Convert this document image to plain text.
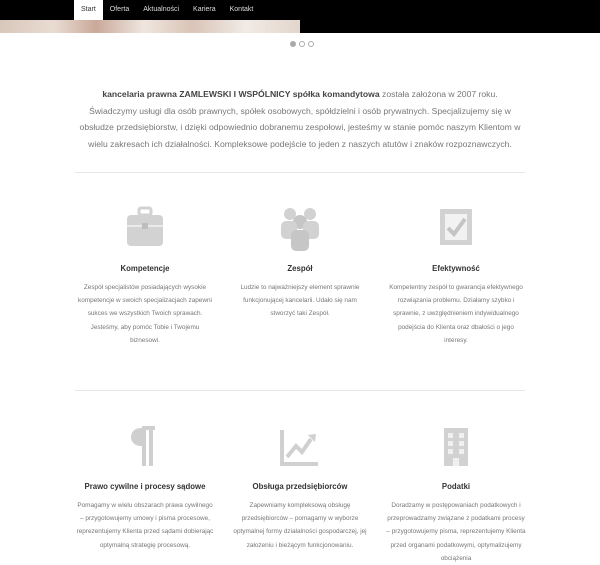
Start	Oferta	Aktualności	Kariera	Kontakt
kancelaria prawna ZAMLEWSKI I WSPÓLNICY spółka komandytowa została założona w 2007 roku. Świadczymy usługi dla osób prawnych, spółek osobowych, spółdzielni i osób prywatnych. Specjalizujemy się w obsłudze przedsiębiorstw, i dzięki odpowiednio dobranemu zespołowi, jesteśmy w stanie pomóc naszym Klientom w wielu zakresach ich działalności. Kompleksowe podejście to jeden z naszych atutów i znaków rozpoznawczych.
Kompetencje

Zespół specjalistów posiadających wysokie kompetencje w swoich specjalizacjach zapewni sukces we wszystkich Twoich sprawach. Jesteśmy, aby pomóc Tobie i Twojemu biznesowi.

Zespół

Ludzie to najważniejszy element sprawnie funkcjonującej kancelarii. Udało się nam stworzyć taki Zespół.

Efektywność

Kompetentny zespół to gwarancja efektywnego rozwiązania problemu. Działamy szybko i sprawnie, z uwzględnieniem indywidualnego podejścia do Klienta oraz dbałości o jego interesy.

Prawo cywilne i procesy sądowe

Pomagamy w wielu obszarach prawa cywilnego – przygotowujemy umowy i pisma procesowe, reprezentujemy Klienta przed sądami dobierając optymalną strategię procesową.

Obsługa przedsiębiorców

Zapewniamy kompleksową obsługę przedsiębiorców – pomagamy w wyborze optymalnej formy działalności gospodarczej, jej założeniu i bieżącym funkcjonowaniu.

Podatki

Doradzamy w postępowaniach podatkowych i przeprowadzamy związane z podatkami procesy – przygotowujemy pisma, reprezentujemy Klienta przed organami podatkowymi, optymalizujemy obciążenia
